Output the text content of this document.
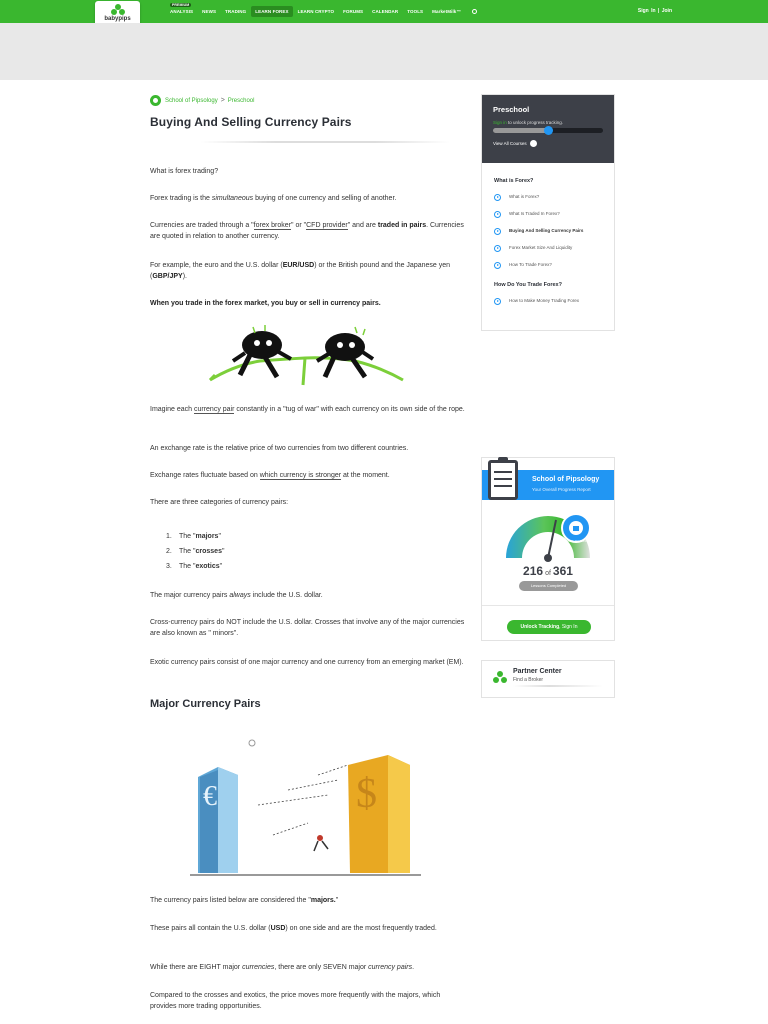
babypips
PREMIUM
ANALYSIS NEWS TRADING	LEARN FOREX	LEARN CRYPTO FORUMS CALENDAR TOOLS MarketMilk™	Sign In | Join
School of Pipsology > Preschool
Buying And Selling Currency Pairs
What is forex trading?
Forex trading is the simultaneous buying of one currency and selling of another.
Currencies are traded through a "forex broker" or "CFD provider" and are traded in pairs. Currencies are quoted in relation to another currency.
For example, the euro and the U.S. dollar (EUR/USD) or the British pound and the Japanese yen (GBP/JPY).
When you trade in the forex market, you buy or sell in currency pairs.
Imagine each currency pair constantly in a "tug of war" with each currency on its own side of the rope.
An exchange rate is the relative price of two currencies from two different countries.
Exchange rates fluctuate based on which currency is stronger at the moment.
There are three categories of currency pairs:
1. The "majors"
2. The "crosses"
3. The "exotics"
The major currency pairs always include the U.S. dollar.
Cross-currency pairs do NOT include the U.S. dollar. Crosses that involve any of the major currencies are also known as " minors".
Exotic currency pairs consist of one major currency and one currency from an emerging market (EM).
Major Currency Pairs
€	$
The currency pairs listed below are considered the "majors."
These pairs all contain the U.S. dollar (USD) on one side and are the most frequently traded.
While there are EIGHT major currencies, there are only SEVEN major currency pairs.
Compared to the crosses and exotics, the price moves more frequently with the majors, which provides more trading opportunities.
Preschool
Sign in to unlock progress tracking.
View All Courses
What is Forex?
What is Forex?
What Is Traded In Forex?
Buying And Selling Currency Pairs
Forex Market Size And Liquidity
How To Trade Forex?
How Do You Trade Forex?
How to Make Money Trading Forex
School of Pipsology
Your Overall Progress Report
NOW IN TRACKING
216 of 361
Lessons Completed
Unlock Tracking, Sign In
Partner Center
Find a Broker
